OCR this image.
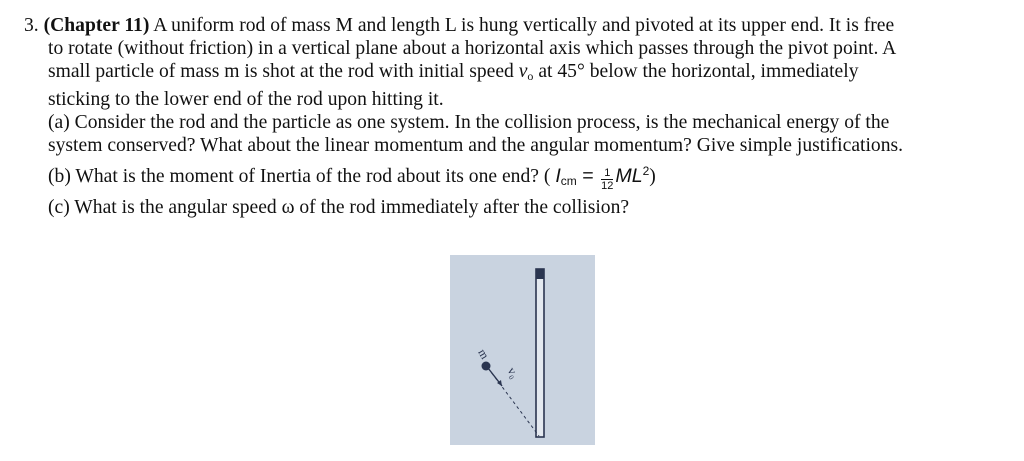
3. (Chapter 11) A uniform rod of mass M and length L is hung vertically and pivoted at its upper end. It is free
to rotate (without friction) in a vertical plane about a horizontal axis which passes through the pivot point. A
small particle of mass m is shot at the rod with initial speed $v_o$ at 45° below the horizontal, immediately
sticking to the lower end of the rod upon hitting it.
(a) Consider the rod and the particle as one system. In the collision process, is the mechanical energy of the
system conserved? What about the linear momentum and the angular momentum? Give simple justifications.
(b) What is the moment of Inertia of the rod about its one end? ( $I_{cm} = \frac{1}{12} ML^2$)
(c) What is the angular speed ω of the rod immediately after the collision?
m
v₀
